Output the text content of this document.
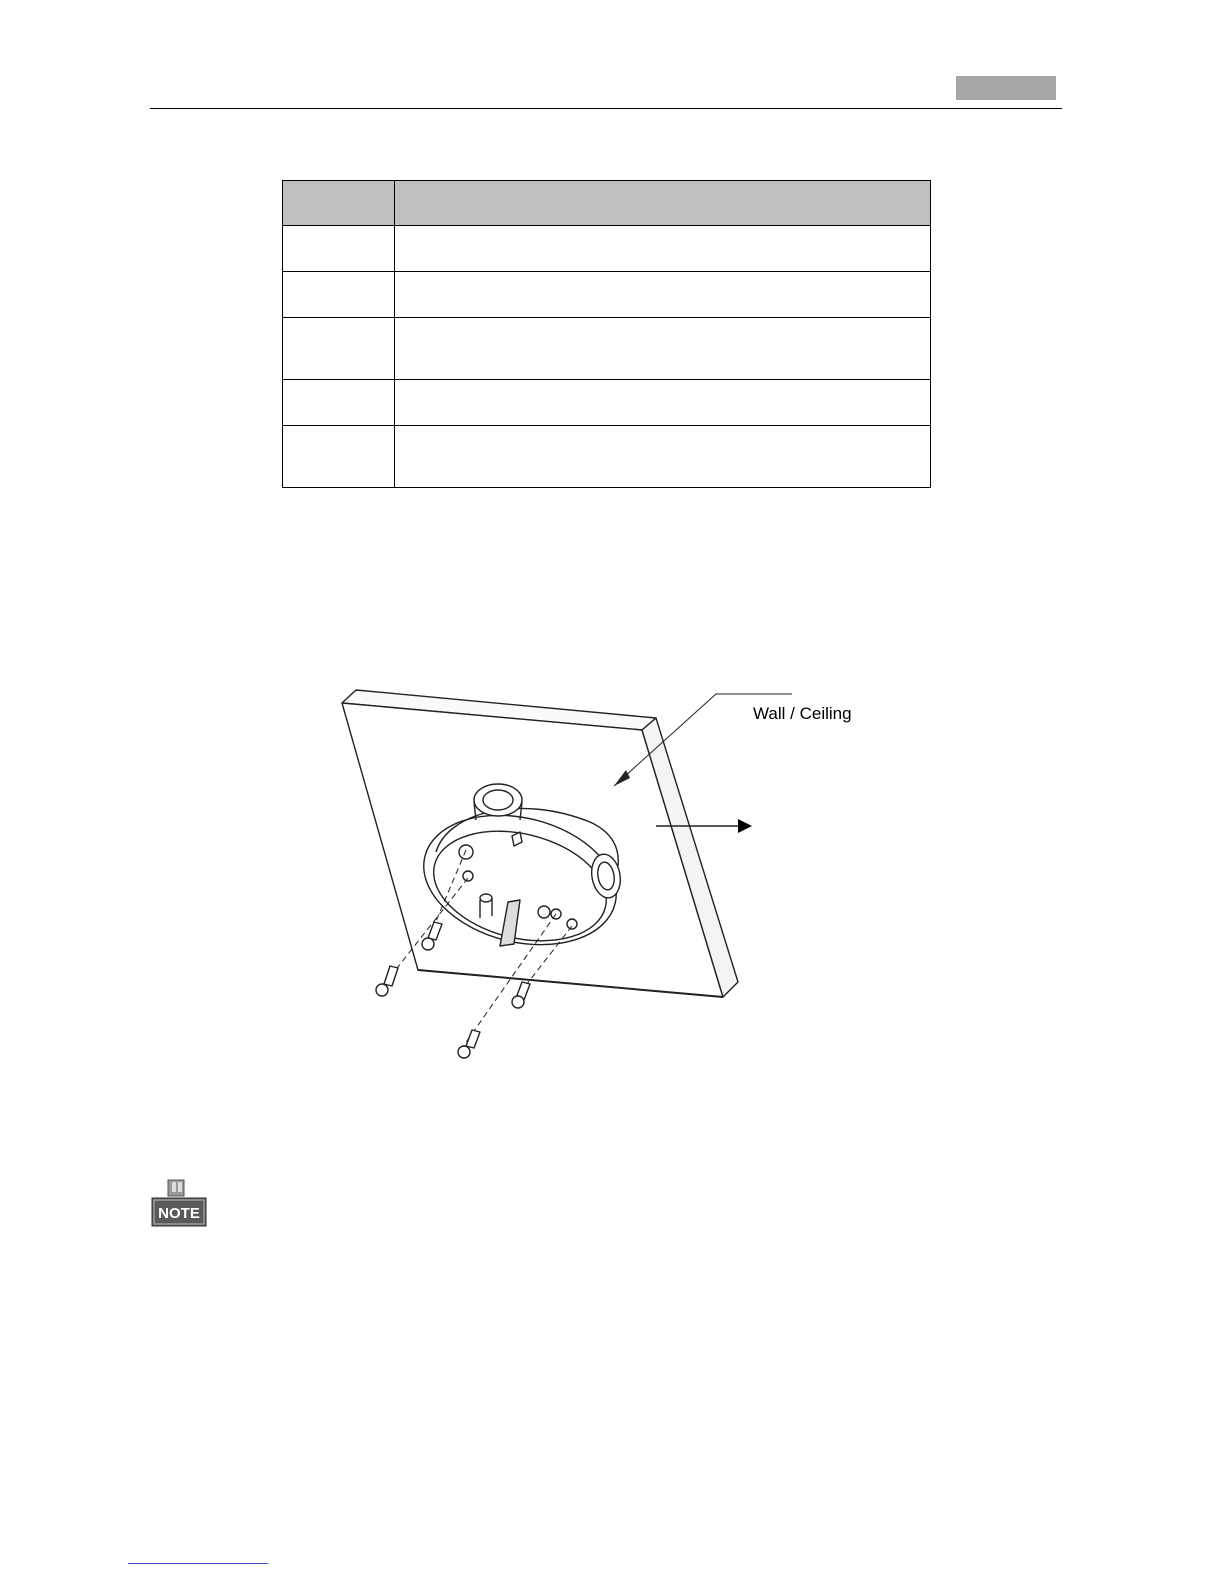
Wall / Ceiling
NOTE
